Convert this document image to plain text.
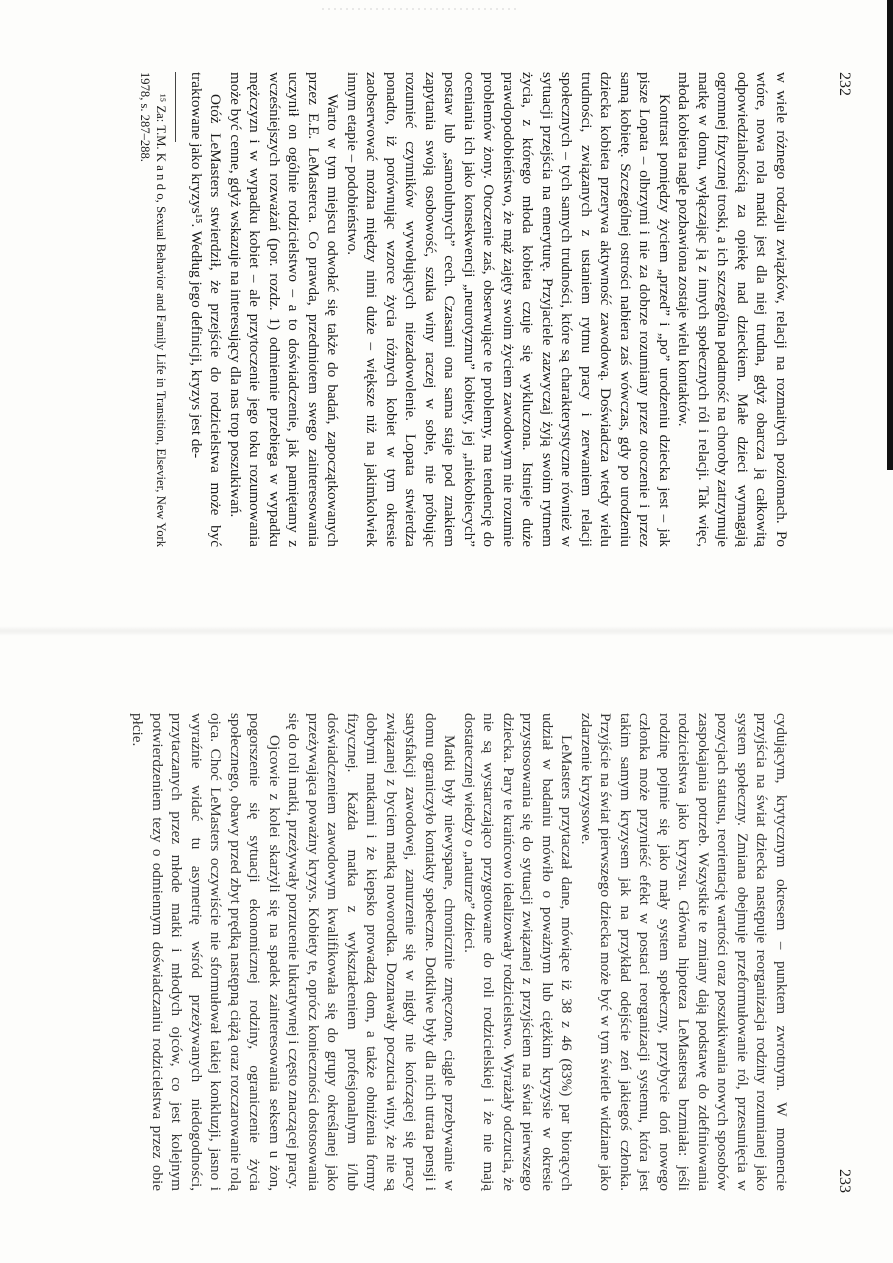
232

w wiele różnego rodzaju związków, relacji na rozmaitych poziomach. Po wtóre, nowa rola matki jest dla niej trudna, gdyż obarcza ją całkowitą odpowiedzialnością za opiekę nad dzieckiem. Małe dzieci wymagają ogromnej fizycznej troski, a ich szczególna podatność na choroby zatrzymuje matkę w domu, wyłączając ją z innych społecznych ról i relacji. Tak więc, młoda kobieta nagle pozbawiona zostaje wielu kontaktów.

Kontrast pomiędzy życiem „przed” i „po” urodzeniu dziecka jest – jak pisze Lopata – olbrzymi i nie za dobrze rozumiany przez otoczenie i przez samą kobietę. Szczególnej ostrości nabiera zaś wówczas, gdy po urodzeniu dziecka kobieta przerywa aktywność zawodową. Doświadcza wtedy wielu trudności, związanych z ustaniem rytmu pracy i zerwaniem relacji społecznych – tych samych trudności, które są charakterystyczne również w sytuacji przejścia na emeryturę. Przyjaciele zazwyczaj żyją swoim rytmem życia, z którego młoda kobieta czuje się wykluczona. Istnieje duże prawdopodobieństwo, że mąż zajęty swoim życiem zawodowym nie rozumie problemów żony. Otoczenie zaś, obserwujące te problemy, ma tendencję do oceniania ich jako konsekwencji „neurotyzmu” kobiety, jej „niekobiecych” postaw lub „samolubnych” cech. Czasami ona sama staje pod znakiem zapytania swoją osobowość, szuka winy raczej w sobie, nie próbując rozumieć czynników wywołujących niezadowolenie. Lopata stwierdza ponadto, iż porównując wzorce życia różnych kobiet w tym okresie zaobserwować można między nimi duże – większe niż na jakimkolwiek innym etapie – podobieństwo.

Warto w tym miejscu odwołać się także do badań, zapoczątkowanych przez E.E. LeMasterса. Co prawda, przedmiotem swego zainteresowania uczynił on ogólnie rodzicielstwo – a to doświadczenie, jak pamiętamy z wcześniejszych rozważań (por. rozdz. 1) odmiennie przebiega w wypadku mężczyzn i w wypadku kobiet – ale przytoczenie jego toku rozumowania może być cenne, gdyż wskazuje na interesujący dla nas trop poszukiwań.

Otóż LeMasters stwierdził, że przejście do rodzicielstwa może być traktowane jako kryzys¹⁵. Według jego definicji, kryzys jest de-

¹⁵ Za: T.M. K a n d o, Sexual Behavior and Family Life in Transition, Elsevier, New York 1978, s. 287–288.

233

cydującym, krytycznym okresem – punktem zwrotnym. W momencie przyjścia na świat dziecka następuje reorganizacja rodziny rozumianej jako system społeczny. Zmiana obejmuje przeformułowanie ról, przesunięcia w pozycjach statusu, reorientację wartości oraz poszukiwania nowych sposobów zaspokajania potrzeb. Wszystkie te zmiany dają podstawę do zdefiniowania rodzicielstwa jako kryzysu. Główna hipoteza LeMastersa brzmiała: jeśli rodzinę pojmie się jako mały system społeczny, przybycie doń nowego członka może przynieść efekt w postaci reorganizacji systemu, która jest takim samym kryzysem jak na przykład odejście zeń jakiegoś członka. Przyjście na świat pierwszego dziecka może być w tym świetle widziane jako zdarzenie kryzysowe.

LeMasters przytaczał dane, mówiące iż 38 z 46 (83%) par biorących udział w badaniu mówiło o poważnym lub ciężkim kryzysie w okresie przystosowania się do sytuacji związanej z przyjściem na świat pierwszego dziecka. Pary te kraińcowo idealizowały rodzicielstwo. Wyrażały odczucia, że nie są wystarczająco przygotowane do roli rodzicielskiej i że nie mają dostatecznej wiedzy o „naturze” dzieci.

Matki były niewyspane, chronicznie zmęczone, ciągle przebywanie w domu ograniczyło kontakty społeczne. Dotkliwe były dla nich utrata pensji i satysfakcji zawodowej, zanurzenie się w nigdy nie kończącej się pracy związanej z byciem matką noworodka. Doznawały poczucia winy, że nie są dobrymi matkami i że kiepsko prowadzą dom, a także obniżenia formy fizycznej. Każda matka z wykształceniem profesjonalnym i/lub doświadczeniem zawodowym kwalifikowała się do grupy określanej jako przeżywająca poważny kryzys. Kobiety te, oprócz konieczności dostosowania się do roli matki, przeżywały porzucenie lukratywnej i często znaczącej pracy.

Ojcowie z kolei skarżyli się na spadek zainteresowania seksem u żon, pogorszenie się sytuacji ekonomicznej rodziny, ograniczenie życia społecznego, obawy przed zbyt prędką następną ciążą oraz rozczarowanie rolą ojca. Choć LeMasters oczywiście nie sformułował takiej konkluzji, jasno i wyraźnie widać tu asymetrię wśród przeżywanych niedogodności, przytaczanych przez młode matki i młodych ojców, co jest kolejnym potwierdzeniem tezy o odmiennym doświadczaniu rodzicielstwa przez obie płcie.
